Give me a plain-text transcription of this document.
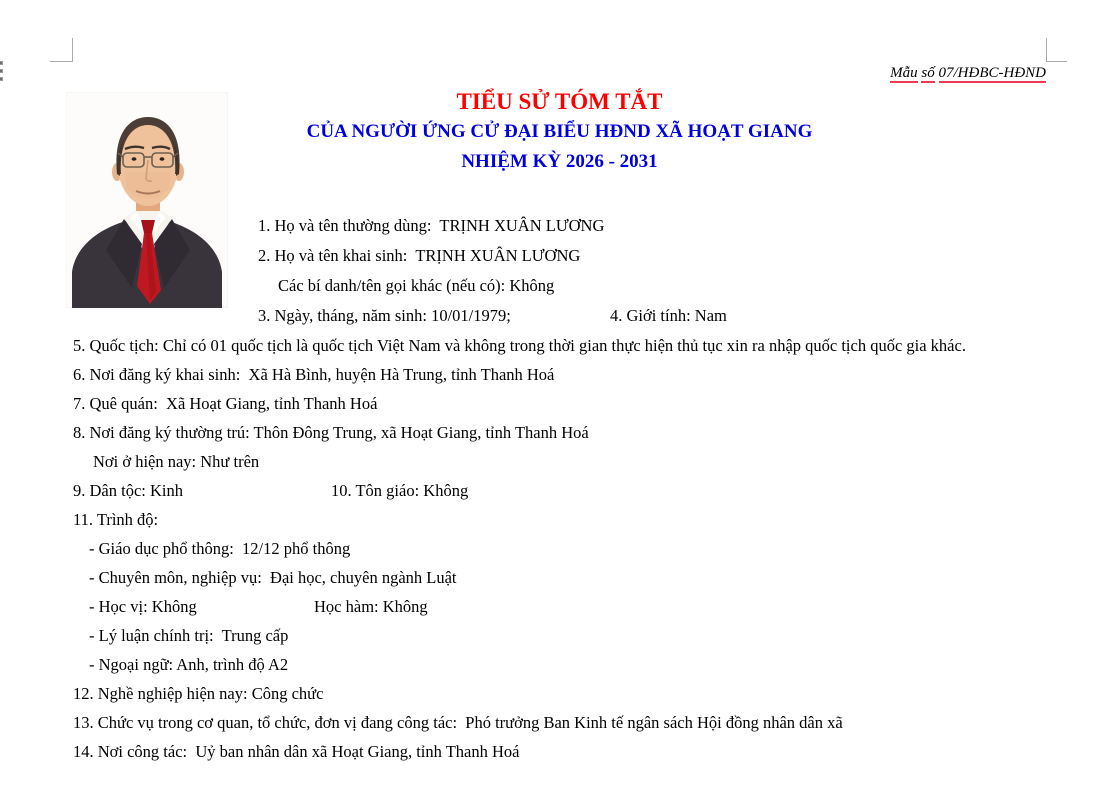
Mẫu số 07/HĐBC-HĐND
TIỂU SỬ TÓM TẮT
CỦA NGƯỜI ỨNG CỬ ĐẠI BIỂU HĐND XÃ HOẠT GIANG
NHIỆM KỲ 2026 - 2031
1. Họ và tên thường dùng:  TRỊNH XUÂN LƯƠNG
2. Họ và tên khai sinh:  TRỊNH XUÂN LƯƠNG
Các bí danh/tên gọi khác (nếu có): Không
3. Ngày, tháng, năm sinh: 10/01/1979;	4. Giới tính: Nam
5. Quốc tịch: Chỉ có 01 quốc tịch là quốc tịch Việt Nam và không trong thời gian thực hiện thủ tục xin ra nhập quốc tịch quốc gia khác.
6. Nơi đăng ký khai sinh:  Xã Hà Bình, huyện Hà Trung, tỉnh Thanh Hoá
7. Quê quán:  Xã Hoạt Giang, tỉnh Thanh Hoá
8. Nơi đăng ký thường trú: Thôn Đông Trung, xã Hoạt Giang, tỉnh Thanh Hoá
Nơi ở hiện nay: Như trên
9. Dân tộc: Kinh	10. Tôn giáo: Không
11. Trình độ:
- Giáo dục phổ thông:  12/12 phổ thông
- Chuyên môn, nghiệp vụ:  Đại học, chuyên ngành Luật
- Học vị: Không	Học hàm: Không
- Lý luận chính trị:  Trung cấp
- Ngoại ngữ: Anh, trình độ A2
12. Nghề nghiệp hiện nay: Công chức
13. Chức vụ trong cơ quan, tổ chức, đơn vị đang công tác:  Phó trưởng Ban Kinh tế ngân sách Hội đồng nhân dân xã
14. Nơi công tác:  Uỷ ban nhân dân xã Hoạt Giang, tỉnh Thanh Hoá
